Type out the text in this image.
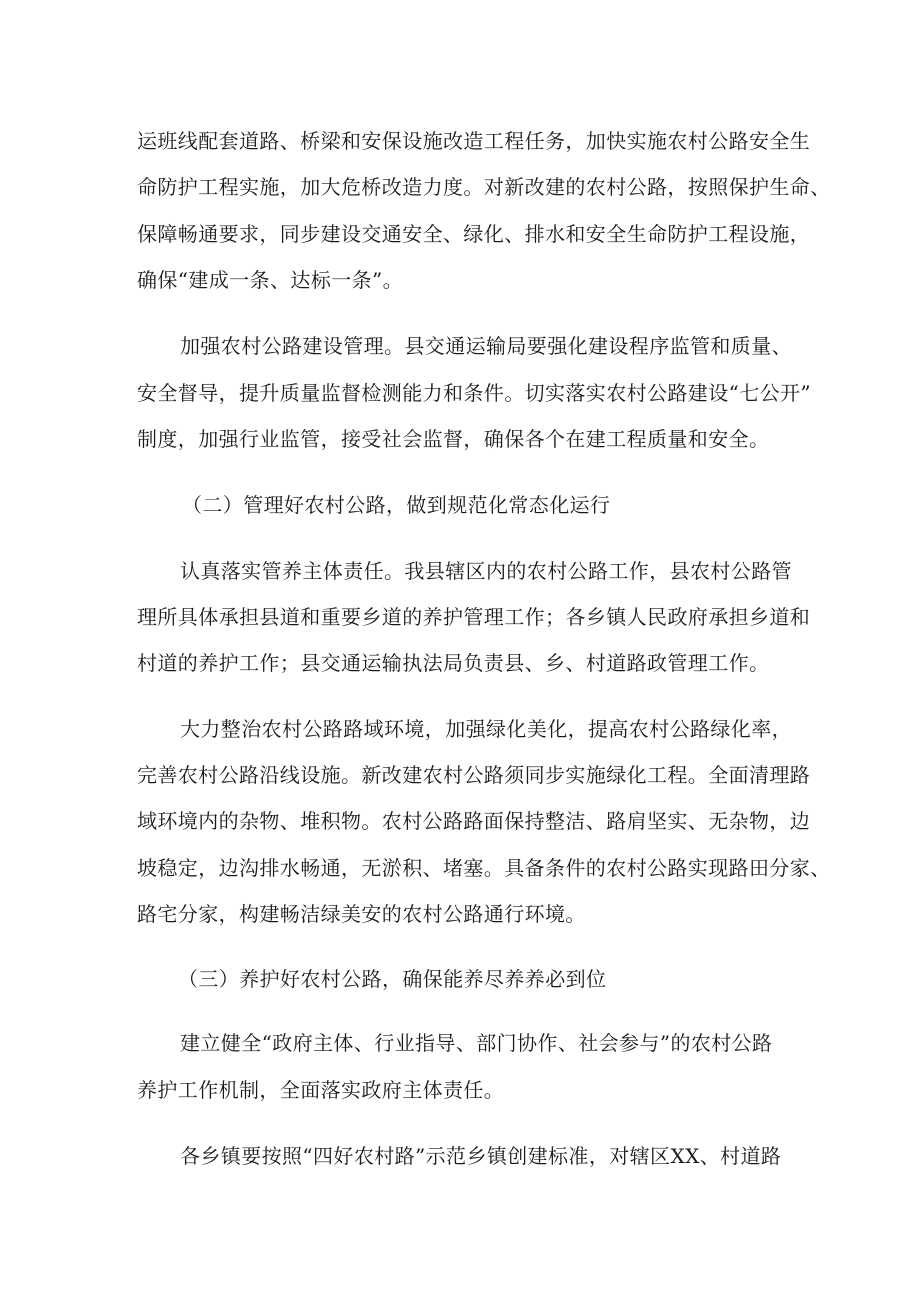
运班线配套道路、桥梁和安保设施改造工程任务，加快实施农村公路安全生
命防护工程实施，加大危桥改造力度。对新改建的农村公路，按照保护生命、
保障畅通要求，同步建设交通安全、绿化、排水和安全生命防护工程设施，
确保“建成一条、达标一条”。
加强农村公路建设管理。县交通运输局要强化建设程序监管和质量、
安全督导，提升质量监督检测能力和条件。切实落实农村公路建设“七公开”
制度，加强行业监管，接受社会监督，确保各个在建工程质量和安全。
（二）管理好农村公路，做到规范化常态化运行
认真落实管养主体责任。我县辖区内的农村公路工作，县农村公路管
理所具体承担县道和重要乡道的养护管理工作；各乡镇人民政府承担乡道和
村道的养护工作；县交通运输执法局负责县、乡、村道路政管理工作。
大力整治农村公路路域环境，加强绿化美化，提高农村公路绿化率，
完善农村公路沿线设施。新改建农村公路须同步实施绿化工程。全面清理路
域环境内的杂物、堆积物。农村公路路面保持整洁、路肩坚实、无杂物，边
坡稳定，边沟排水畅通，无淤积、堵塞。具备条件的农村公路实现路田分家、
路宅分家，构建畅洁绿美安的农村公路通行环境。
（三）养护好农村公路，确保能养尽养养必到位
建立健全“政府主体、行业指导、部门协作、社会参与”的农村公路
养护工作机制，全面落实政府主体责任。
各乡镇要按照“四好农村路”示范乡镇创建标准，对辖区XX、村道路
